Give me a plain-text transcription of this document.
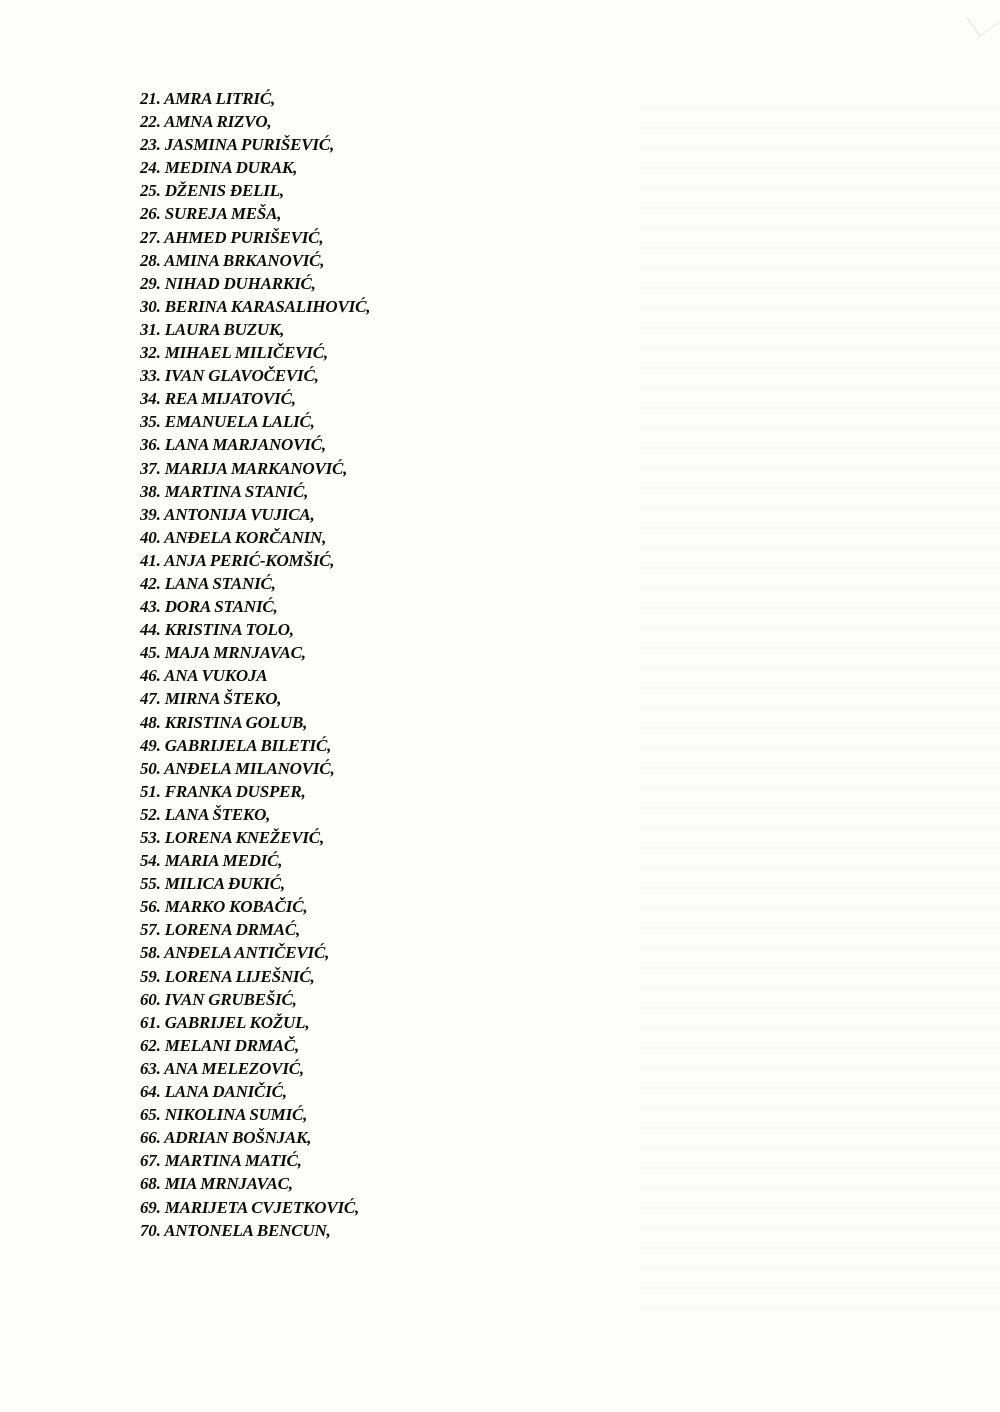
21. AMRA LITRIĆ,
22. AMNA RIZVO,
23. JASMINA PURIŠEVIĆ,
24. MEDINA DURAK,
25. DŽENIS ĐELIL,
26. SUREJA MEŠA,
27. AHMED PURIŠEVIĆ,
28. AMINA BRKANOVIĆ,
29. NIHAD DUHARKIĆ,
30. BERINA KARASALIHOVIĆ,
31. LAURA BUZUK,
32. MIHAEL MILIČEVIĆ,
33. IVAN GLAVOČEVIĆ,
34. REA MIJATOVIĆ,
35. EMANUELA LALIĆ,
36. LANA MARJANOVIĆ,
37. MARIJA MARKANOVIĆ,
38. MARTINA STANIĆ,
39. ANTONIJA VUJICA,
40. ANĐELA KORČANIN,
41. ANJA PERIĆ-KOMŠIĆ,
42. LANA STANIĆ,
43. DORA STANIĆ,
44. KRISTINA TOLO,
45. MAJA MRNJAVAC,
46. ANA VUKOJA
47. MIRNA ŠTEKO,
48. KRISTINA GOLUB,
49. GABRIJELA BILETIĆ,
50. ANĐELA MILANOVIĆ,
51. FRANKA DUSPER,
52. LANA ŠTEKO,
53. LORENA KNEŽEVIĆ,
54. MARIA MEDIĆ,
55. MILICA ĐUKIĆ,
56. MARKO KOBAČIĆ,
57. LORENA DRMAĆ,
58. ANĐELA ANTIČEVIĆ,
59. LORENA LIJEŠNIĆ,
60. IVAN GRUBEŠIĆ,
61. GABRIJEL KOŽUL,
62. MELANI DRMAČ,
63. ANA MELEZOVIĆ,
64. LANA DANIČIĆ,
65. NIKOLINA SUMIĆ,
66. ADRIAN BOŠNJAK,
67. MARTINA MATIĆ,
68. MIA MRNJAVAC,
69. MARIJETA CVJETKOVIĆ,
70. ANTONELA BENCUN,
